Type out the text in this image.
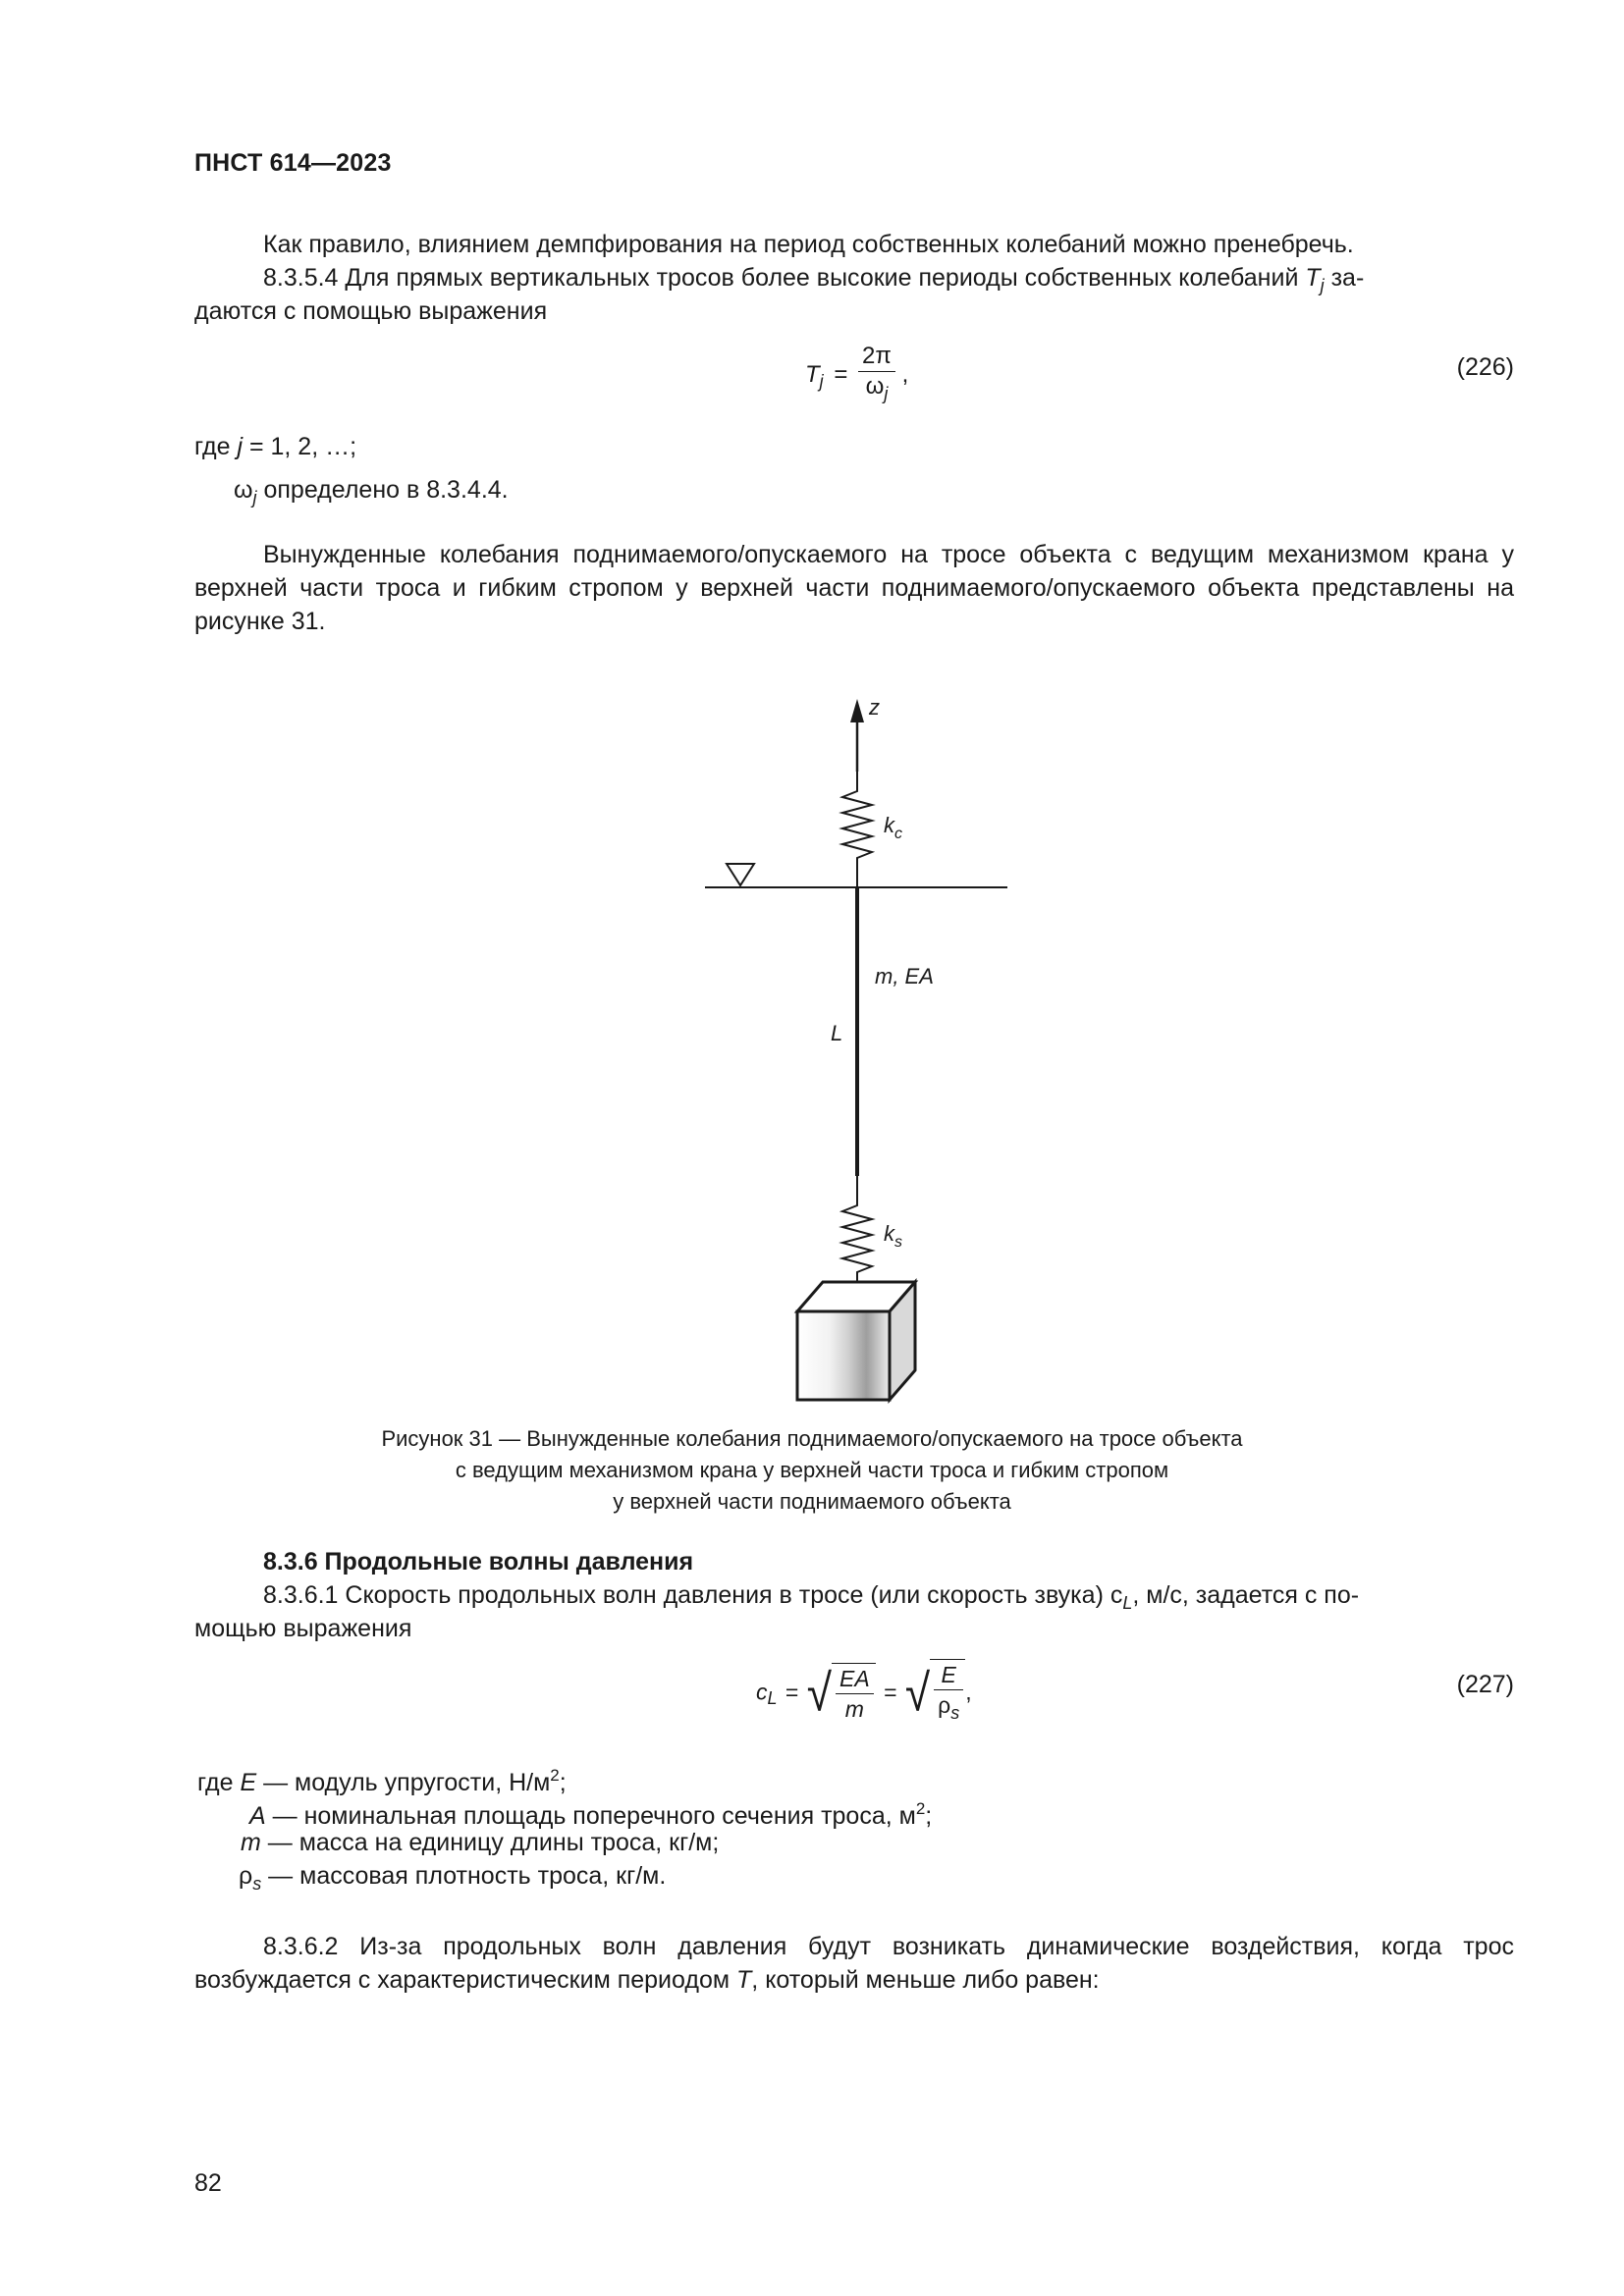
ПНСТ 614—2023
Как правило, влиянием демпфирования на период собственных колебаний можно пренебречь.
8.3.5.4 Для прямых вертикальных тросов более высокие периоды собственных колебаний $T_j$ за-
даются с помощью выражения
$T_j = \frac{2\pi}{\omega_j}$ ,	(226)
где j = 1, 2, …;
$\omega_j$ определено в 8.3.4.4.
Вынужденные колебания поднимаемого/опускаемого на тросе объекта с ведущим механизмом крана у верхней части троса и гибким стропом у верхней части поднимаемого/опускаемого объекта представлены на рисунке 31.
z
$k_c$
m, EA
L
$k_s$
Рисунок 31 — Вынужденные колебания поднимаемого/опускаемого на тросе объекта
с ведущим механизмом крана у верхней части троса и гибким стропом
у верхней части поднимаемого объекта
8.3.6 Продольные волны давления
8.3.6.1 Скорость продольных волн давления в тросе (или скорость звука) $c_L$, м/с, задается с по-
мощью выражения
$c_L$ = √ $\frac{EA}{m}$ = √ $\frac{E}{\rho_s}$ ,	(227)
где E — модуль упругости, $Н/м^2$;
A — номинальная площадь поперечного сечения троса, $м^2$;
m — масса на единицу длины троса, кг/м;
$\rho_s$ — массовая плотность троса, кг/м.
8.3.6.2 Из-за продольных волн давления будут возникать динамические воздействия, когда трос возбуждается с характеристическим периодом T, который меньше либо равен:
82
